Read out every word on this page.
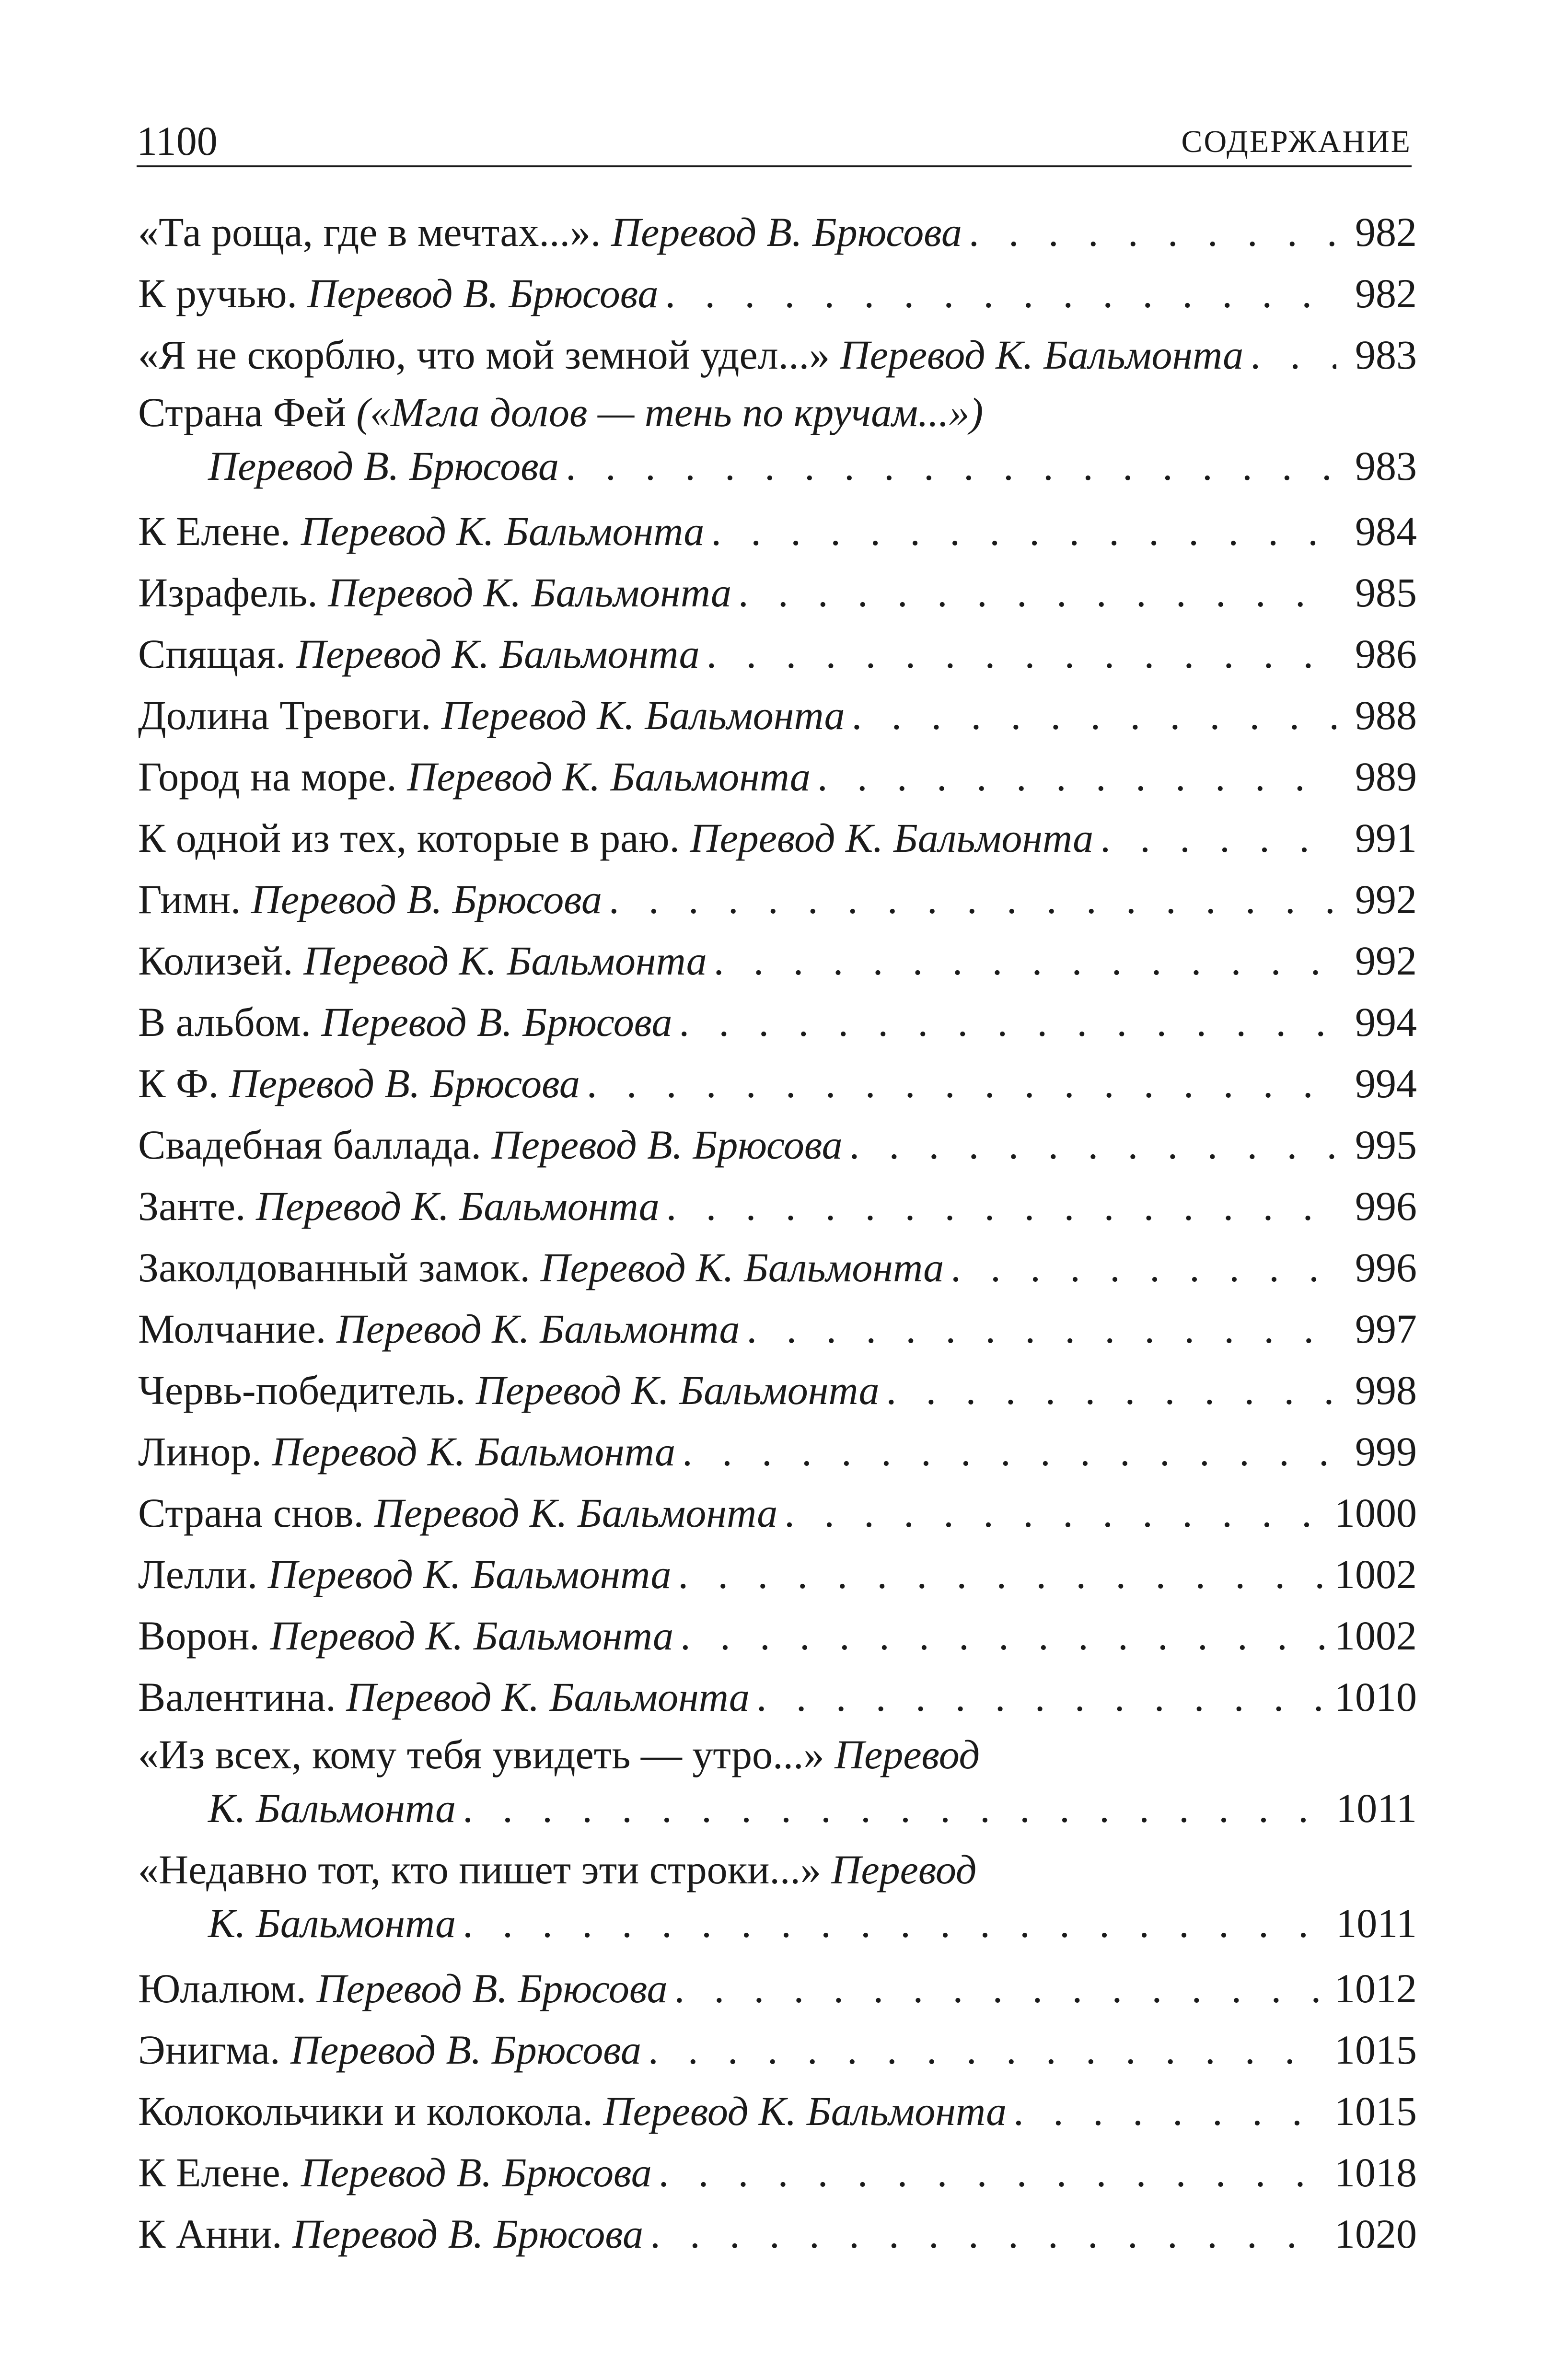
1100	СОДЕРЖАНИЕ
«Та роща, где в мечтах...». Перевод В. Брюсова . . .	982
К ручью. Перевод В. Брюсова . . .	982
«Я не скорблю, что мой земной удел...» Перевод К. Бальмонта . . .	983
Страна Фей («Мгла долов — тень по кручам...»)
Перевод В. Брюсова . . .	983
К Елене. Перевод К. Бальмонта . . .	984
Израфель. Перевод К. Бальмонта . . .	985
Спящая. Перевод К. Бальмонта . . .	986
Долина Тревоги. Перевод К. Бальмонта . . .	988
Город на море. Перевод К. Бальмонта . . .	989
К одной из тех, которые в раю. Перевод К. Бальмонта . . .	991
Гимн. Перевод В. Брюсова . . .	992
Колизей. Перевод К. Бальмонта . . .	992
В альбом. Перевод В. Брюсова . . .	994
К Ф. Перевод В. Брюсова . . .	994
Свадебная баллада. Перевод В. Брюсова . . .	995
Занте. Перевод К. Бальмонта . . .	996
Заколдованный замок. Перевод К. Бальмонта . . .	996
Молчание. Перевод К. Бальмонта . . .	997
Червь-победитель. Перевод К. Бальмонта . . .	998
Линор. Перевод К. Бальмонта . . .	999
Страна снов. Перевод К. Бальмонта . . .	1000
Лелли. Перевод К. Бальмонта . . .	1002
Ворон. Перевод К. Бальмонта . . .	1002
Валентина. Перевод К. Бальмонта . . .	1010
«Из всех, кому тебя увидеть — утро...» Перевод
К. Бальмонта . . .	1011
«Недавно тот, кто пишет эти строки...» Перевод
К. Бальмонта . . .	1011
Юлалюм. Перевод В. Брюсова . . .	1012
Энигма. Перевод В. Брюсова . . .	1015
Колокольчики и колокола. Перевод К. Бальмонта . . .	1015
К Елене. Перевод В. Брюсова . . .	1018
К Анни. Перевод В. Брюсова . . .	1020
